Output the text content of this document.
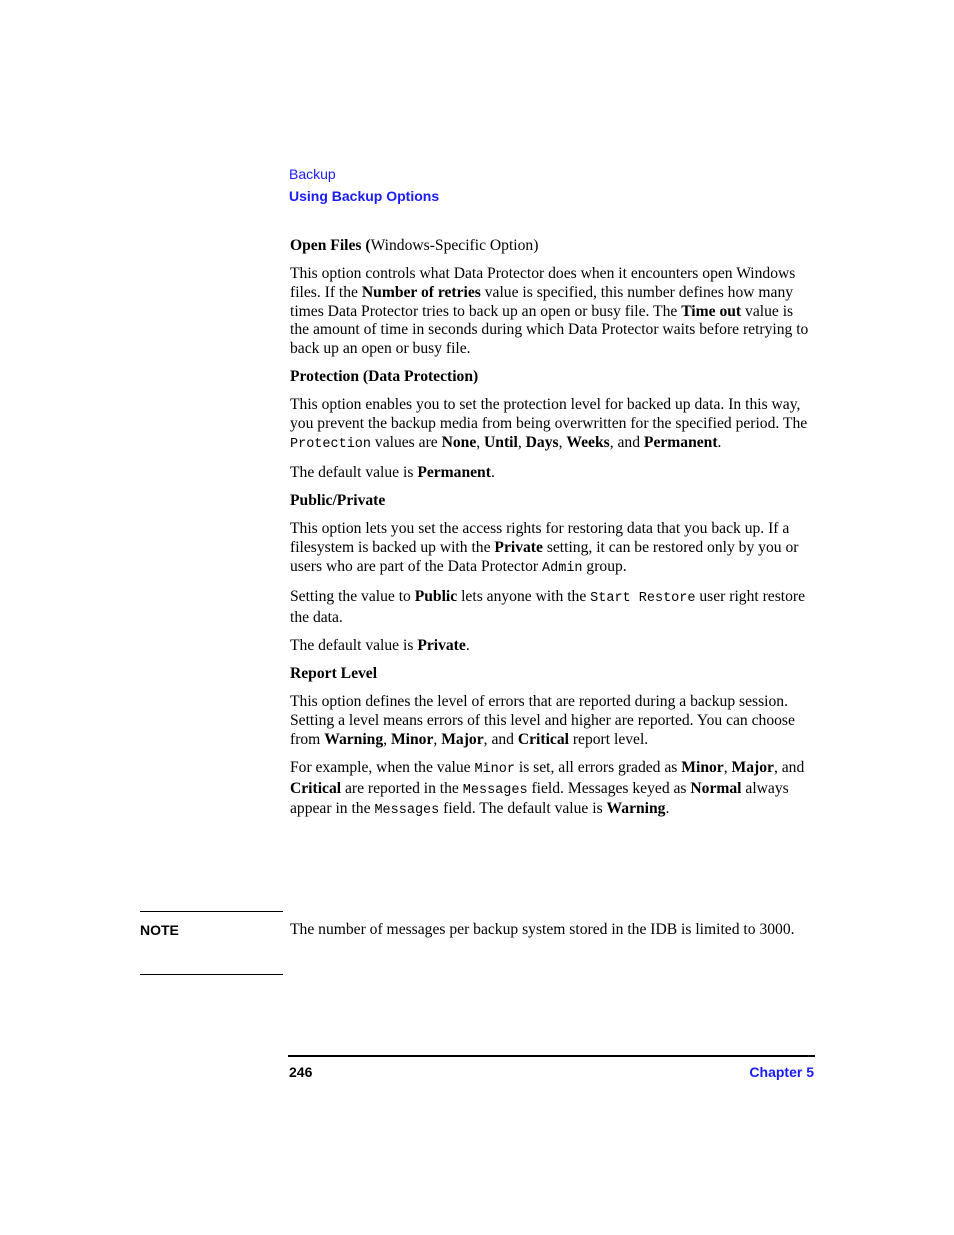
Backup
Using Backup Options
Open Files (Windows-Specific Option)

This option controls what Data Protector does when it encounters open Windows files. If the Number of retries value is specified, this number defines how many times Data Protector tries to back up an open or busy file. The Time out value is the amount of time in seconds during which Data Protector waits before retrying to back up an open or busy file.

Protection (Data Protection)

This option enables you to set the protection level for backed up data. In this way, you prevent the backup media from being overwritten for the specified period. The Protection values are None, Until, Days, Weeks, and Permanent.

The default value is Permanent.

Public/Private

This option lets you set the access rights for restoring data that you back up. If a filesystem is backed up with the Private setting, it can be restored only by you or users who are part of the Data Protector Admin group.

Setting the value to Public lets anyone with the Start Restore user right restore the data.

The default value is Private.

Report Level

This option defines the level of errors that are reported during a backup session. Setting a level means errors of this level and higher are reported. You can choose from Warning, Minor, Major, and Critical report level.

For example, when the value Minor is set, all errors graded as Minor, Major, and Critical are reported in the Messages field. Messages keyed as Normal always appear in the Messages field. The default value is Warning.

NOTE	The number of messages per backup system stored in the IDB is limited to 3000.

246	Chapter 5
